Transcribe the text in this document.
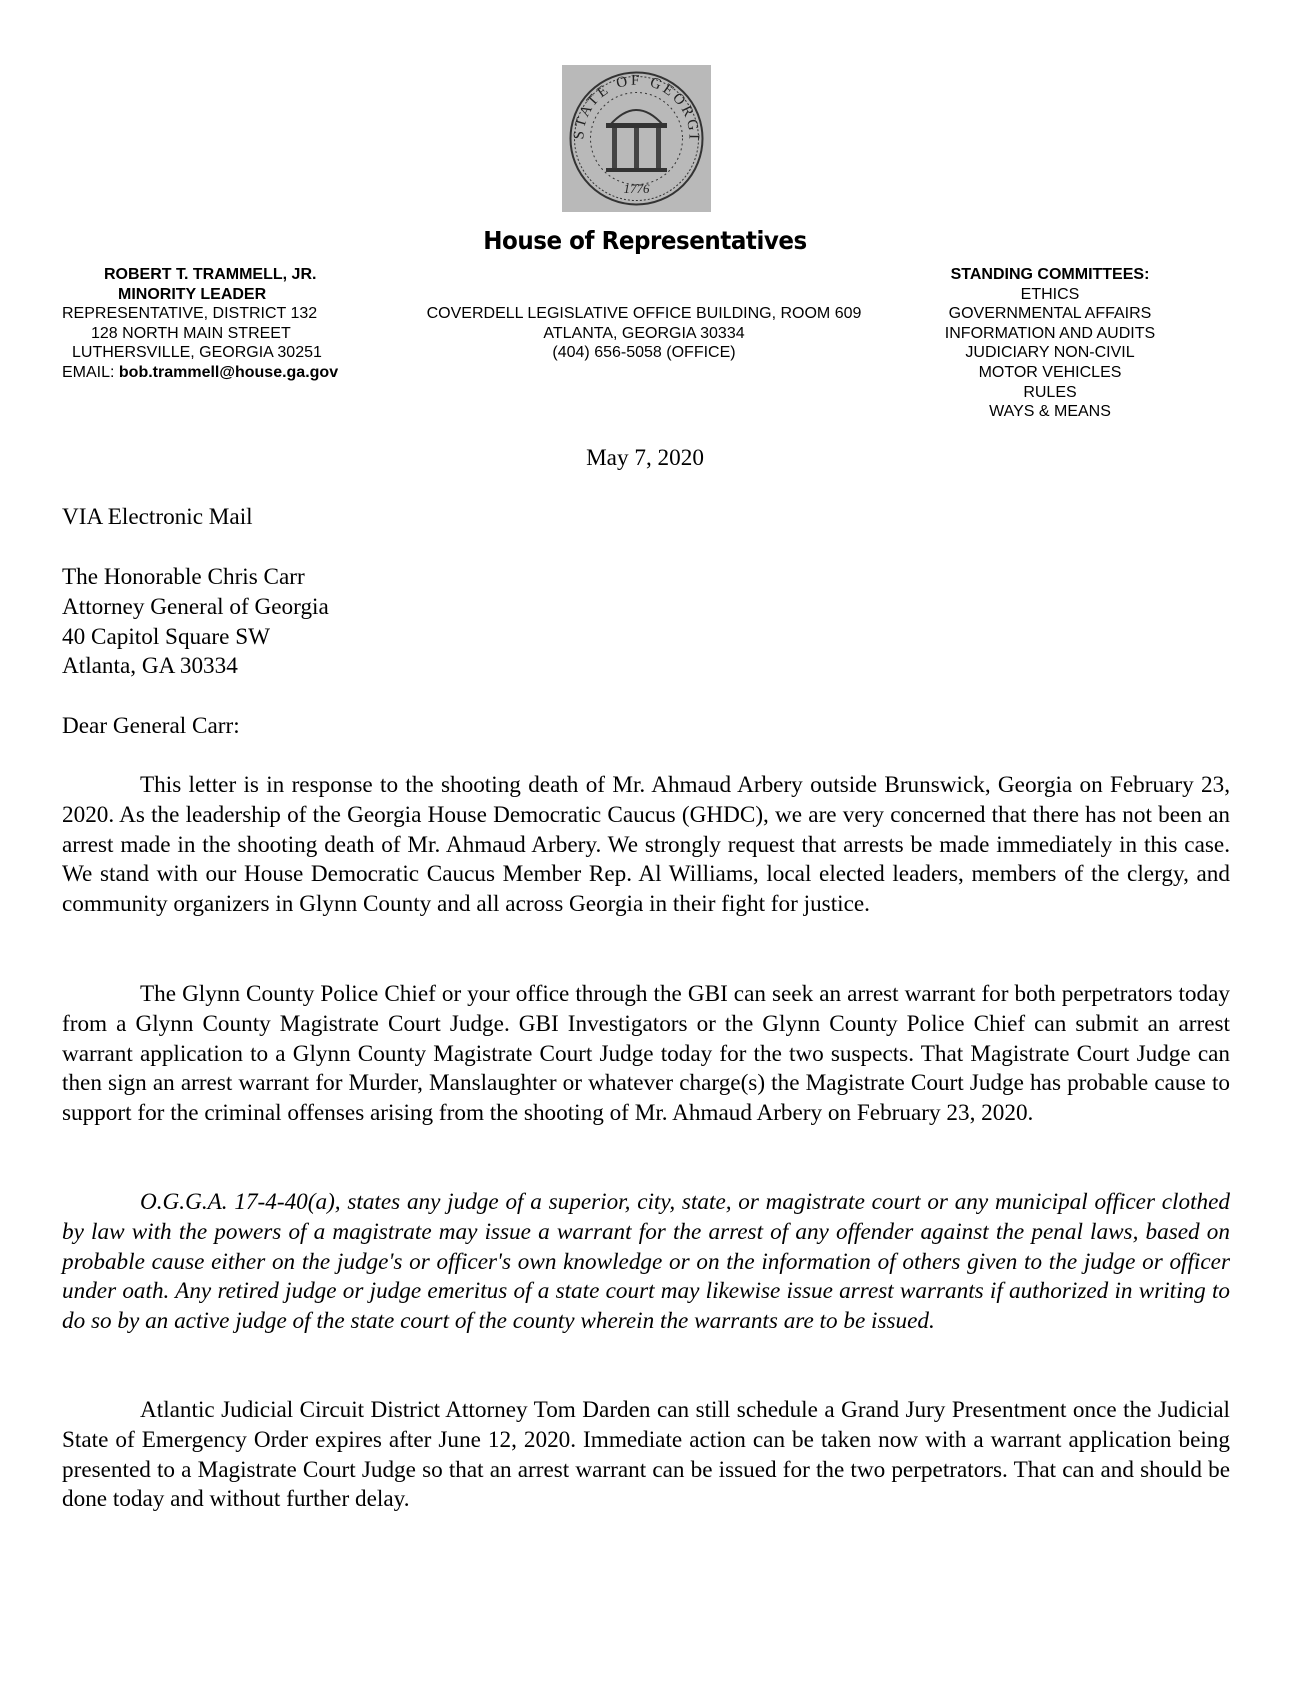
STATE OF GEORGI
1776
House of Representatives
ROBERT T. TRAMMELL, JR.
MINORITY LEADER
REPRESENTATIVE, DISTRICT 132
128 NORTH MAIN STREET
LUTHERSVILLE, GEORGIA 30251
EMAIL: bob.trammell@house.ga.gov
COVERDELL LEGISLATIVE OFFICE BUILDING, ROOM 609
ATLANTA, GEORGIA 30334
(404) 656-5058 (OFFICE)
STANDING COMMITTEES:
ETHICS
GOVERNMENTAL AFFAIRS
INFORMATION AND AUDITS
JUDICIARY NON-CIVIL
MOTOR VEHICLES
RULES
WAYS & MEANS
May 7, 2020
VIA Electronic Mail
The Honorable Chris Carr
Attorney General of Georgia
40 Capitol Square SW
Atlanta, GA 30334
Dear General Carr:

This letter is in response to the shooting death of Mr. Ahmaud Arbery outside Brunswick, Georgia on February 23, 2020. As the leadership of the Georgia House Democratic Caucus (GHDC), we are very concerned that there has not been an arrest made in the shooting death of Mr. Ahmaud Arbery. We strongly request that arrests be made immediately in this case. We stand with our House Democratic Caucus Member Rep. Al Williams, local elected leaders, members of the clergy, and community organizers in Glynn County and all across Georgia in their fight for justice.

The Glynn County Police Chief or your office through the GBI can seek an arrest warrant for both perpetrators today from a Glynn County Magistrate Court Judge. GBI Investigators or the Glynn County Police Chief can submit an arrest warrant application to a Glynn County Magistrate Court Judge today for the two suspects. That Magistrate Court Judge can then sign an arrest warrant for Murder, Manslaughter or whatever charge(s) the Magistrate Court Judge has probable cause to support for the criminal offenses arising from the shooting of Mr. Ahmaud Arbery on February 23, 2020.

O.G.G.A. 17-4-40(a), states any judge of a superior, city, state, or magistrate court or any municipal officer clothed by law with the powers of a magistrate may issue a warrant for the arrest of any offender against the penal laws, based on probable cause either on the judge's or officer's own knowledge or on the information of others given to the judge or officer under oath. Any retired judge or judge emeritus of a state court may likewise issue arrest warrants if authorized in writing to do so by an active judge of the state court of the county wherein the warrants are to be issued.

Atlantic Judicial Circuit District Attorney Tom Darden can still schedule a Grand Jury Presentment once the Judicial State of Emergency Order expires after June 12, 2020. Immediate action can be taken now with a warrant application being presented to a Magistrate Court Judge so that an arrest warrant can be issued for the two perpetrators. That can and should be done today and without further delay.
